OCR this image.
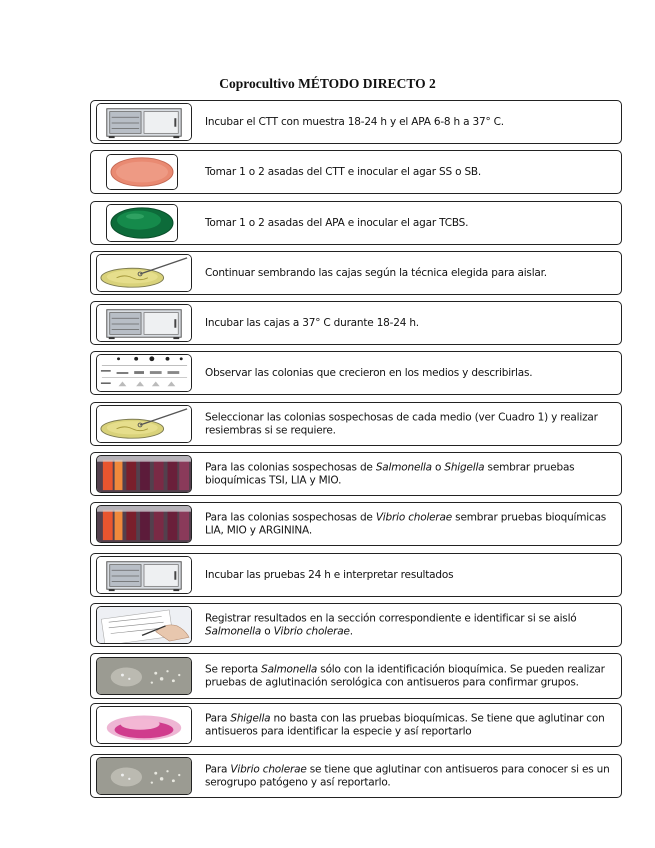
Coprocultivo MÉTODO DIRECTO 2
Incubar el CTT con muestra 18-24 h y el APA 6-8 h a 37° C.
Tomar 1 o 2 asadas del CTT e inocular el agar SS o SB.
Tomar 1 o 2 asadas del APA e inocular el agar TCBS.
Continuar sembrando las cajas según la técnica elegida para aislar.
Incubar las cajas a 37° C durante 18-24 h.
Observar las colonias que crecieron en los medios y describirlas.
Seleccionar las colonias sospechosas de cada medio (ver Cuadro 1) y realizar resiembras si se requiere.
Para las colonias sospechosas de Salmonella o Shigella sembrar pruebas bioquímicas TSI, LIA y MIO.
Para las colonias sospechosas de Vibrio cholerae sembrar pruebas bioquímicas LIA, MIO y ARGININA.
Incubar las pruebas 24 h e interpretar resultados
Registrar resultados en la sección correspondiente e identificar si se aisló Salmonella o Vibrio cholerae.
Se reporta Salmonella sólo con la identificación bioquímica. Se pueden realizar pruebas de aglutinación serológica con antisueros para confirmar grupos.
Para Shigella no basta con las pruebas bioquímicas. Se tiene que aglutinar con antisueros para identificar la especie y así reportarlo
Para Vibrio cholerae se tiene que aglutinar con antisueros para conocer si es un serogrupo patógeno y así reportarlo.
